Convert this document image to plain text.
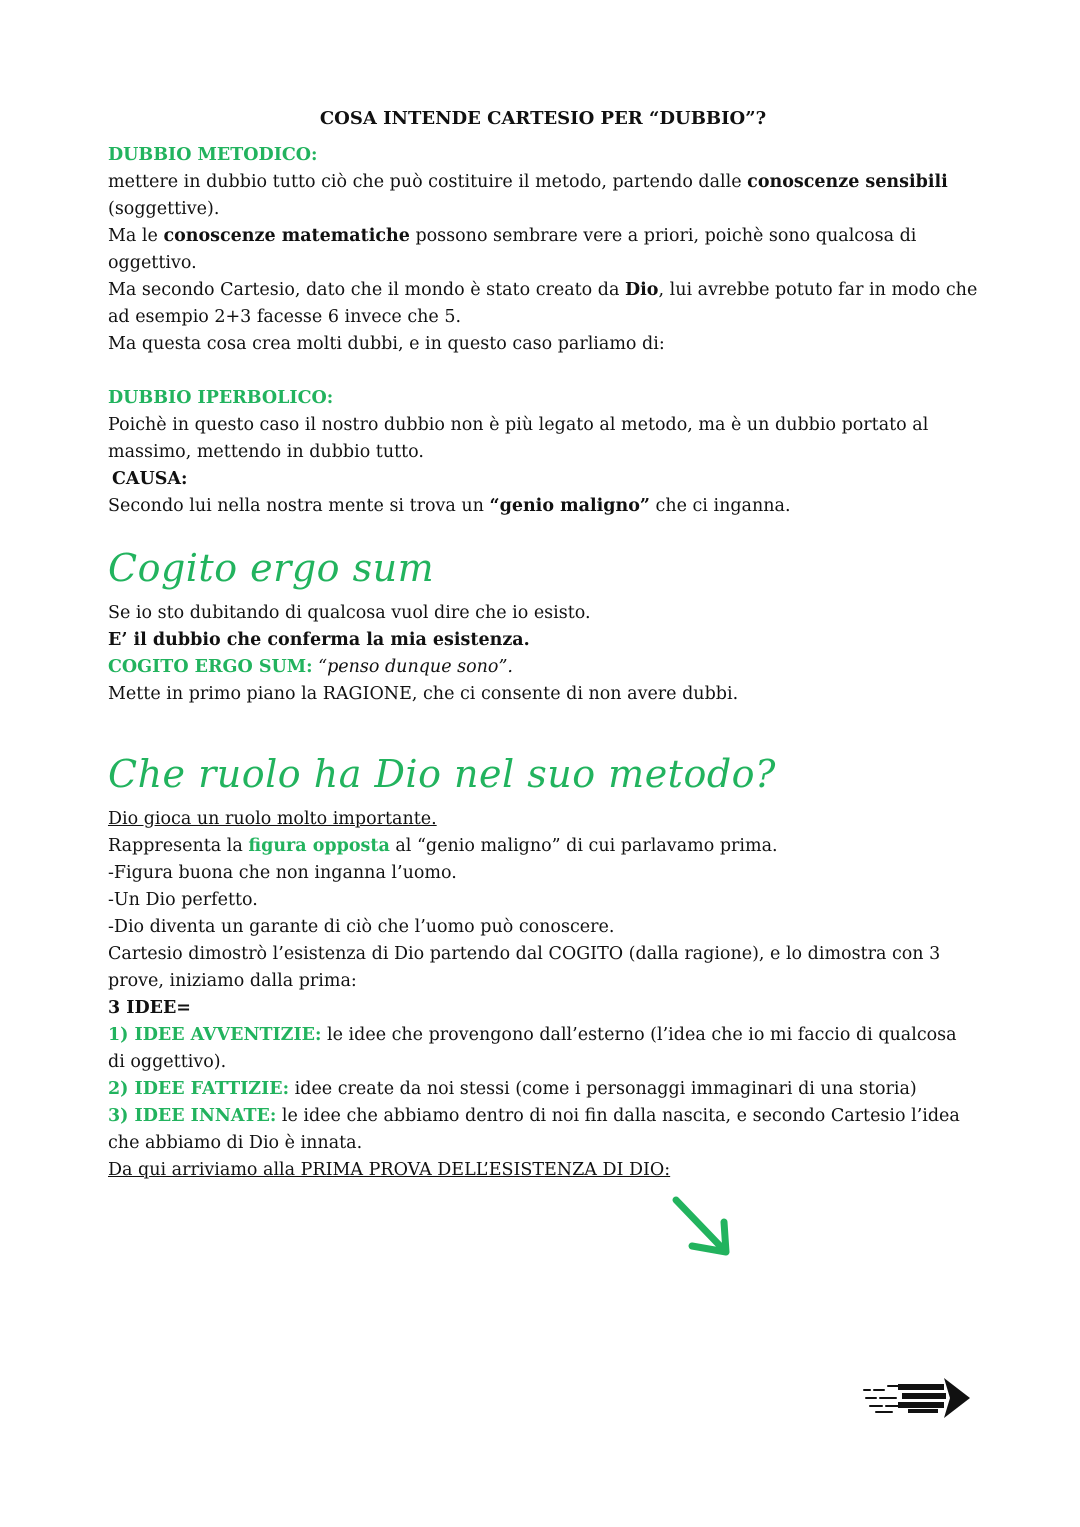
COSA INTENDE CARTESIO PER “DUBBIO”?

DUBBIO METODICO:

mettere in dubbio tutto ciò che può costituire il metodo, partendo dalle conoscenze sensibili

(soggettive).

Ma le conoscenze matematiche possono sembrare vere a priori, poichè sono qualcosa di oggettivo.

Ma secondo Cartesio, dato che il mondo è stato creato da Dio, lui avrebbe potuto far in modo che ad esempio 2+3 facesse 6 invece che 5.

Ma questa cosa crea molti dubbi, e in questo caso parliamo di:

DUBBIO IPERBOLICO:

Poichè in questo caso il nostro dubbio non è più legato al metodo, ma è un dubbio portato al massimo, mettendo in dubbio tutto.

CAUSA:

Secondo lui nella nostra mente si trova un “genio maligno” che ci inganna.

Cogito ergo sum

Se io sto dubitando di qualcosa vuol dire che io esisto.

E’ il dubbio che conferma la mia esistenza.

COGITO ERGO SUM: “penso dunque sono”.

Mette in primo piano la RAGIONE, che ci consente di non avere dubbi.

Che ruolo ha Dio nel suo metodo?

Dio gioca un ruolo molto importante.

Rappresenta la figura opposta al “genio maligno” di cui parlavamo prima.

-Figura buona che non inganna l’uomo.

-Un Dio perfetto.

-Dio diventa un garante di ciò che l’uomo può conoscere.

Cartesio dimostrò l’esistenza di Dio partendo dal COGITO (dalla ragione), e lo dimostra con 3 prove, iniziamo dalla prima:

3 IDEE=

1) IDEE AVVENTIZIE: le idee che provengono dall’esterno (l’idea che io mi faccio di qualcosa di oggettivo).

2) IDEE FATTIZIE: idee create da noi stessi (come i personaggi immaginari di una storia)

3) IDEE INNATE: le idee che abbiamo dentro di noi fin dalla nascita, e secondo Cartesio l’idea che abbiamo di Dio è innata.

Da qui arriviamo alla PRIMA PROVA DELL’ESISTENZA DI DIO:
